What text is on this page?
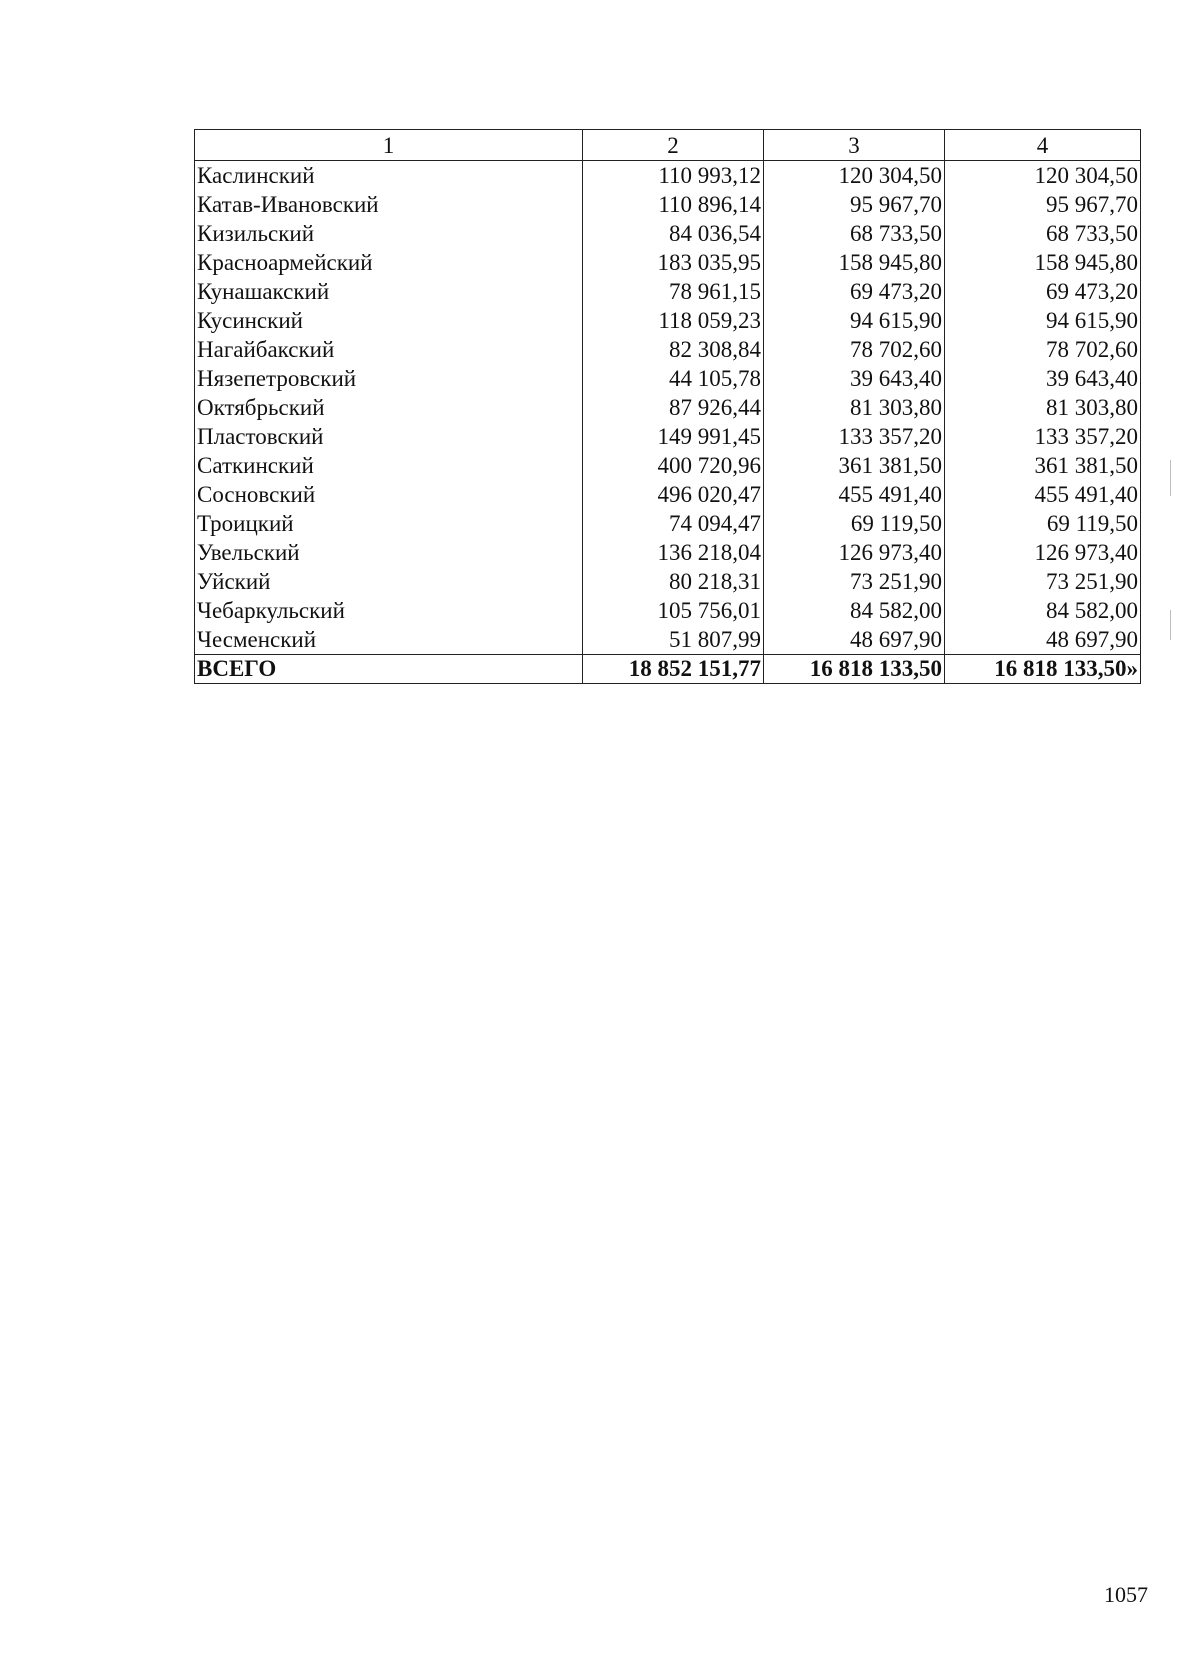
1	2	3	4
Каслинский	110 993,12	120 304,50	120 304,50
Катав-Ивановский	110 896,14	95 967,70	95 967,70
Кизильский	84 036,54	68 733,50	68 733,50
Красноармейский	183 035,95	158 945,80	158 945,80
Кунашакский	78 961,15	69 473,20	69 473,20
Кусинский	118 059,23	94 615,90	94 615,90
Нагайбакский	82 308,84	78 702,60	78 702,60
Нязепетровский	44 105,78	39 643,40	39 643,40
Октябрьский	87 926,44	81 303,80	81 303,80
Пластовский	149 991,45	133 357,20	133 357,20
Саткинский	400 720,96	361 381,50	361 381,50
Сосновский	496 020,47	455 491,40	455 491,40
Троицкий	74 094,47	69 119,50	69 119,50
Увельский	136 218,04	126 973,40	126 973,40
Уйский	80 218,31	73 251,90	73 251,90
Чебаркульский	105 756,01	84 582,00	84 582,00
Чесменский	51 807,99	48 697,90	48 697,90
ВСЕГО	18 852 151,77	16 818 133,50	16 818 133,50»
1057
